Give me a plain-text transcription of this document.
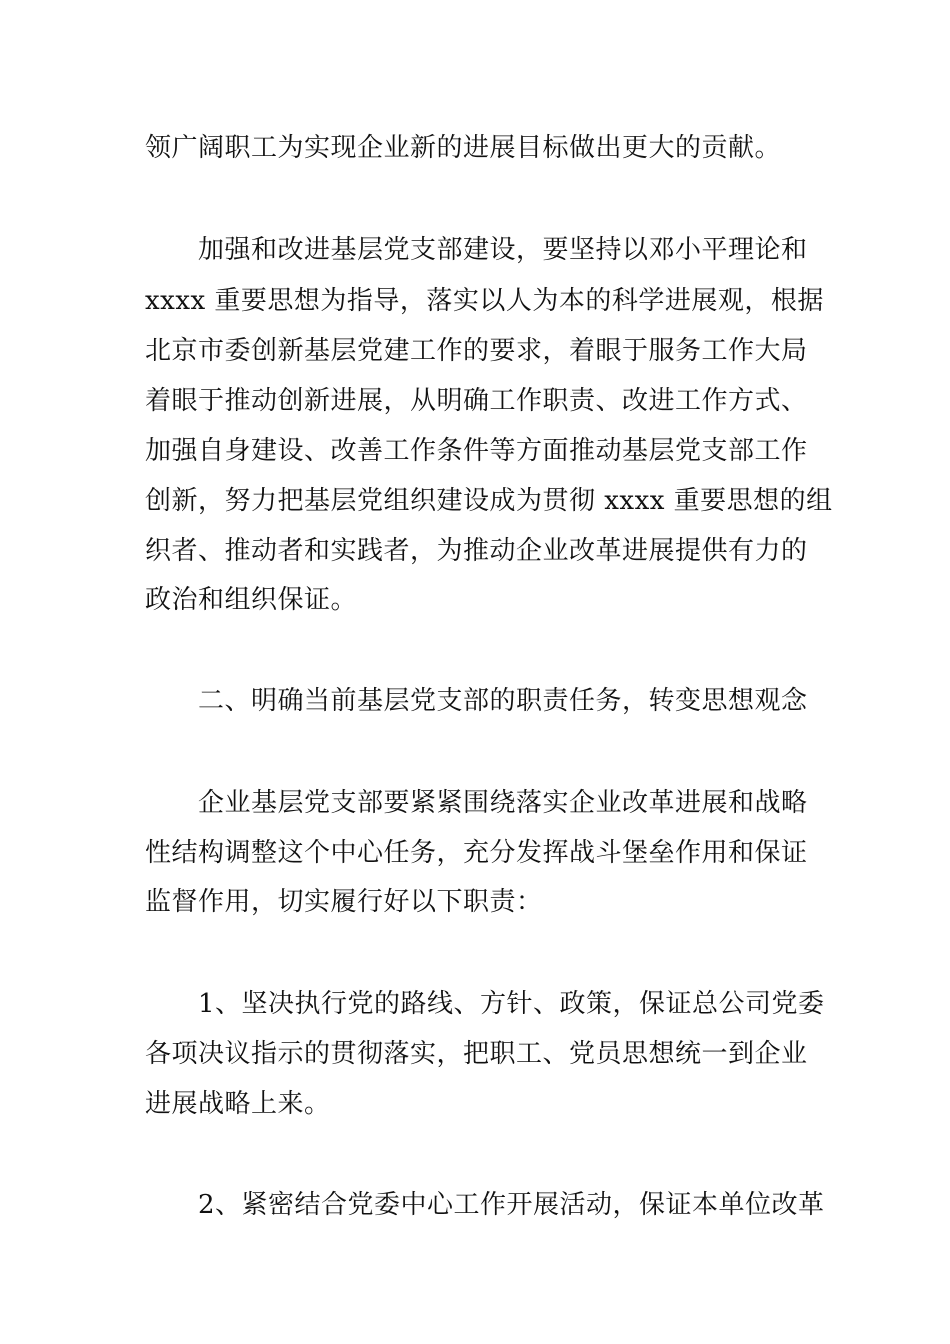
领广阔职工为实现企业新的进展目标做出更大的贡献。
加强和改进基层党支部建设，要坚持以邓小平理论和
xxxx 重要思想为指导，落实以人为本的科学进展观，根据
北京市委创新基层党建工作的要求，着眼于服务工作大局
着眼于推动创新进展，从明确工作职责、改进工作方式、
加强自身建设、改善工作条件等方面推动基层党支部工作
创新，努力把基层党组织建设成为贯彻 xxxx 重要思想的组
织者、推动者和实践者，为推动企业改革进展提供有力的
政治和组织保证。
二、明确当前基层党支部的职责任务，转变思想观念
企业基层党支部要紧紧围绕落实企业改革进展和战略
性结构调整这个中心任务，充分发挥战斗堡垒作用和保证
监督作用，切实履行好以下职责：
1、坚决执行党的路线、方针、政策，保证总公司党委
各项决议指示的贯彻落实，把职工、党员思想统一到企业
进展战略上来。
2、紧密结合党委中心工作开展活动，保证本单位改革
